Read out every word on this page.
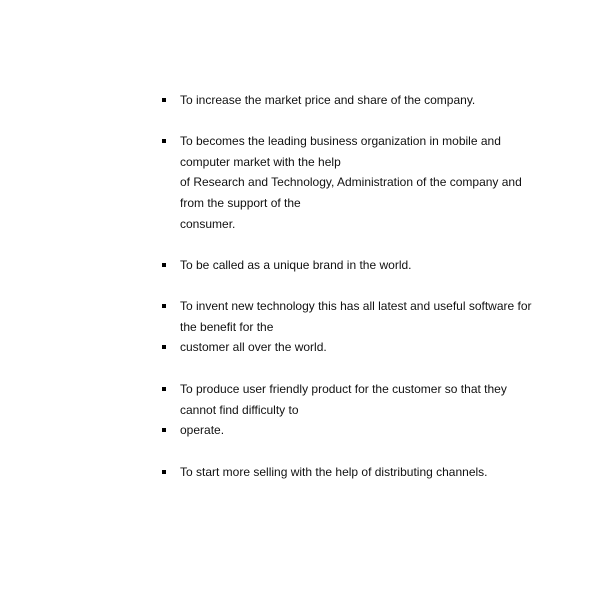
To increase the market price and share of the company.
To becomes the leading business organization in mobile and
computer market with the help
of Research and Technology, Administration of the company and
from the support of the
consumer.
To be called as a unique brand in the world.
To invent new technology this has all latest and useful software for
the benefit for the
customer all over the world.
To produce user friendly product for the customer so that they
cannot find difficulty to
operate.
To start more selling with the help of distributing channels.
